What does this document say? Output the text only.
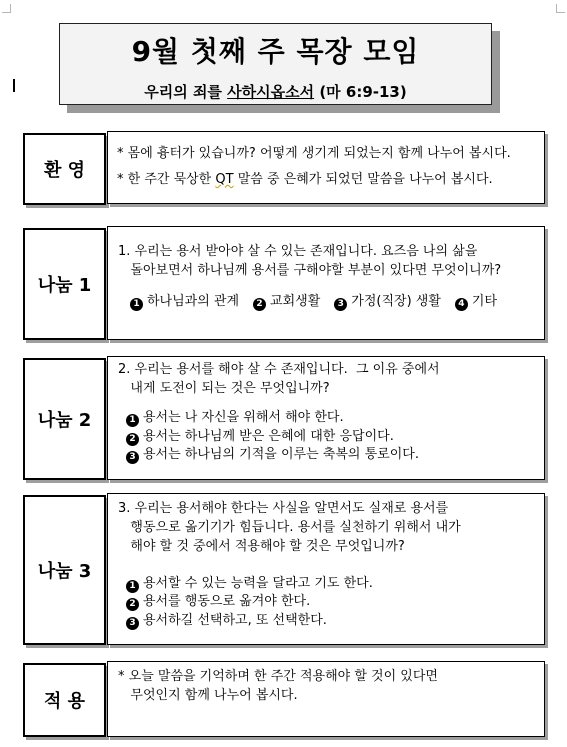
9월 첫째 주 목장 모임
우리의 죄를 사하시옵소서 (마 6:9-13)
환 영
* 몸에 흉터가 있습니까? 어떻게 생기게 되었는지 함께 나누어 봅시다.
* 한 주간 묵상한 QT 말씀 중 은혜가 되었던 말씀을 나누어 봅시다.
나눔 1
1. 우리는 용서 받아야 살 수 있는 존재입니다. 요즈음 나의 삶을
돌아보면서 하나님께 용서를 구해야할 부분이 있다면 무엇이니까?
1 하나님과의 관계	2 교회생활	3 가정(직장) 생활	4 기타
나눔 2
2. 우리는 용서를 해야 살 수 존재입니다.  그 이유 중에서
내게 도전이 되는 것은 무엇입니까?
1 용서는 나 자신을 위해서 해야 한다.
2 용서는 하나님께 받은 은혜에 대한 응답이다.
3 용서는 하나님의 기적을 이루는 축복의 통로이다.
나눔 3
3. 우리는 용서해야 한다는 사실을 알면서도 실재로 용서를
행동으로 옮기기가 힘듭니다. 용서를 실천하기 위해서 내가
해야 할 것 중에서 적용해야 할 것은 무엇입니까?
1 용서할 수 있는 능력을 달라고 기도 한다.
2 용서를 행동으로 옮겨야 한다.
3 용서하길 선택하고, 또 선택한다.
적 용
* 오늘 말씀을 기억하며 한 주간 적용해야 할 것이 있다면
무엇인지 함께 나누어 봅시다.
